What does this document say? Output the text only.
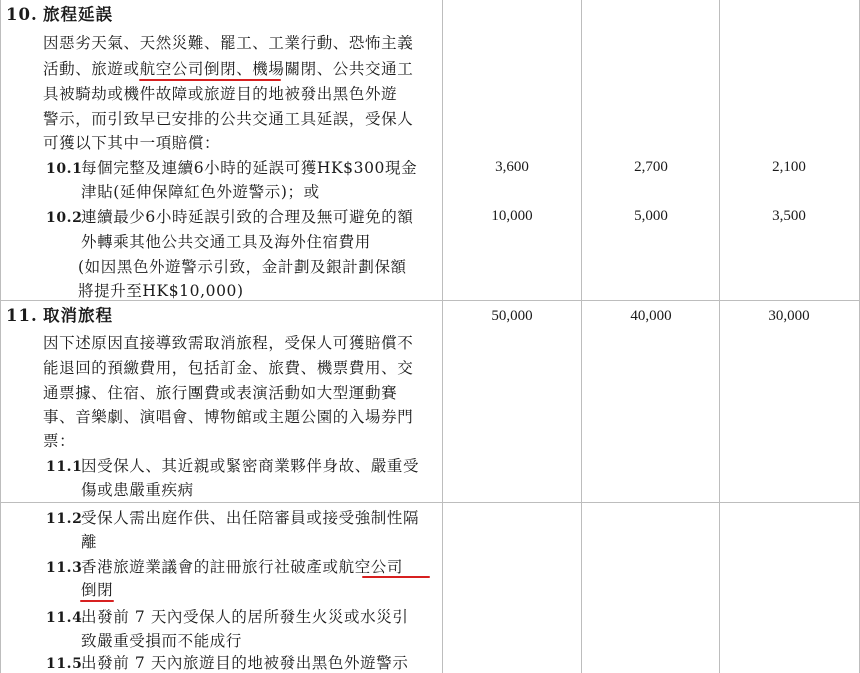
10. 旅程延誤
因惡劣天氣、天然災難、罷工、工業行動、恐怖主義
活動、旅遊或航空公司倒閉、機場關閉、公共交通工
具被騎劫或機件故障或旅遊目的地被發出黑色外遊
警示，而引致早已安排的公共交通工具延誤，受保人
可獲以下其中一項賠償：
10.1
每個完整及連續6小時的延誤可獲HK$300現金
津貼(延伸保障紅色外遊警示)；或
3,600	2,700	2,100
10.2
連續最少6小時延誤引致的合理及無可避免的額
外轉乘其他公共交通工具及海外住宿費用
(如因黑色外遊警示引致，金計劃及銀計劃保額
將提升至HK$10,000)
10,000	5,000	3,500
11. 取消旅程	50,000	40,000	30,000
因下述原因直接導致需取消旅程，受保人可獲賠償不
能退回的預繳費用，包括訂金、旅費、機票費用、交
通票據、住宿、旅行團費或表演活動如大型運動賽
事、音樂劇、演唱會、博物館或主題公園的入場券門
票：
11.1
因受保人、其近親或緊密商業夥伴身故、嚴重受
傷或患嚴重疾病
11.2
受保人需出庭作供、出任陪審員或接受強制性隔
離
11.3
香港旅遊業議會的註冊旅行社破產或航空公司
倒閉
11.4
出發前 7 天內受保人的居所發生火災或水災引
致嚴重受損而不能成行
11.5
出發前 7 天內旅遊目的地被發出黑色外遊警示
